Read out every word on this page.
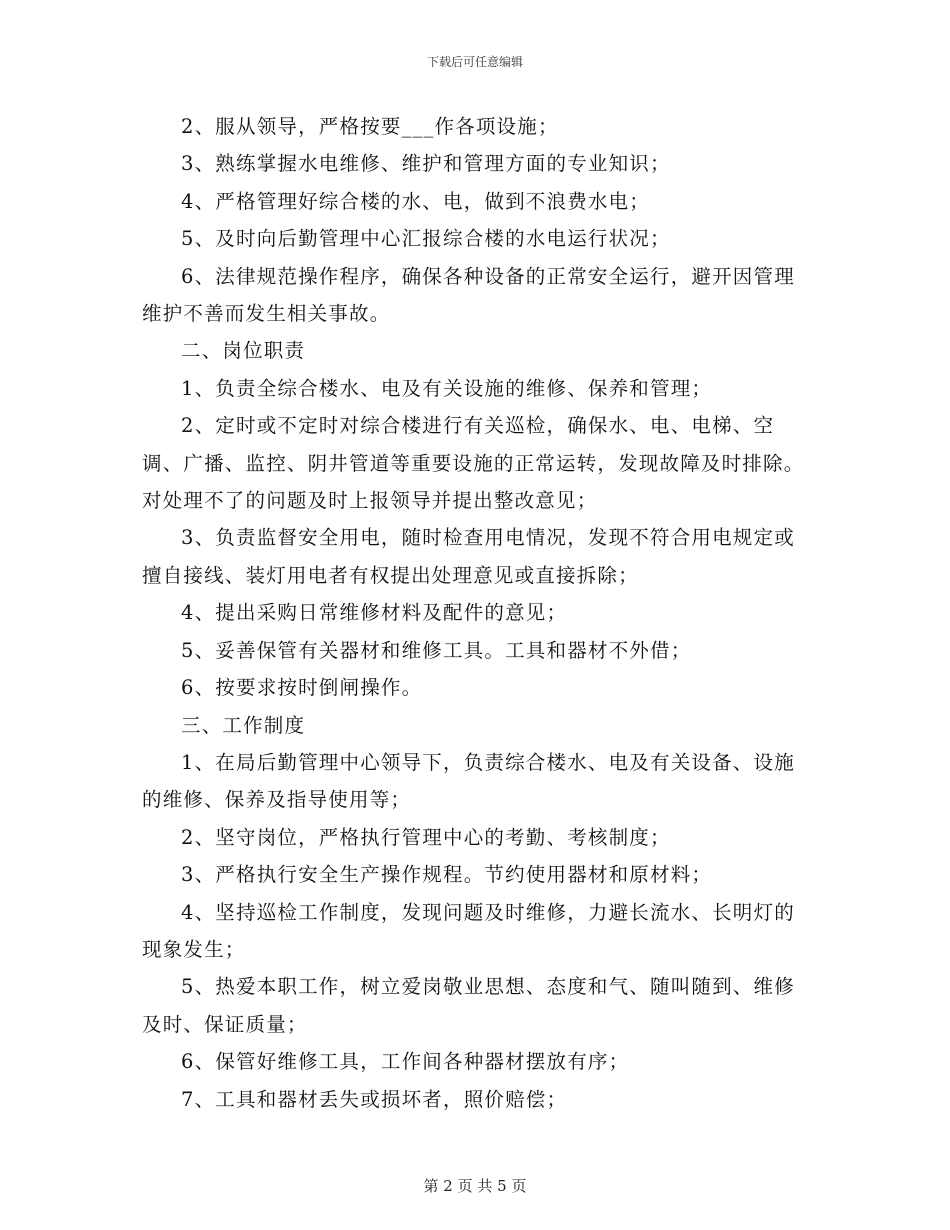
下载后可任意编辑

2、服从领导，严格按要___作各项设施；

3、熟练掌握水电维修、维护和管理方面的专业知识；

4、严格管理好综合楼的水、电，做到不浪费水电；

5、及时向后勤管理中心汇报综合楼的水电运行状况；

6、法律规范操作程序，确保各种设备的正常安全运行，避开因管理维护不善而发生相关事故。

二、岗位职责

1、负责全综合楼水、电及有关设施的维修、保养和管理；

2、定时或不定时对综合楼进行有关巡检，确保水、电、电梯、空调、广播、监控、阴井管道等重要设施的正常运转，发现故障及时排除。对处理不了的问题及时上报领导并提出整改意见；

3、负责监督安全用电，随时检查用电情况，发现不符合用电规定或擅自接线、装灯用电者有权提出处理意见或直接拆除；

4、提出采购日常维修材料及配件的意见；

5、妥善保管有关器材和维修工具。工具和器材不外借；

6、按要求按时倒闸操作。

三、工作制度

1、在局后勤管理中心领导下，负责综合楼水、电及有关设备、设施的维修、保养及指导使用等；

2、坚守岗位，严格执行管理中心的考勤、考核制度；

3、严格执行安全生产操作规程。节约使用器材和原材料；

4、坚持巡检工作制度，发现问题及时维修，力避长流水、长明灯的现象发生；

5、热爱本职工作，树立爱岗敬业思想、态度和气、随叫随到、维修及时、保证质量；

6、保管好维修工具，工作间各种器材摆放有序；

7、工具和器材丢失或损坏者，照价赔偿；

第 2 页 共 5 页
